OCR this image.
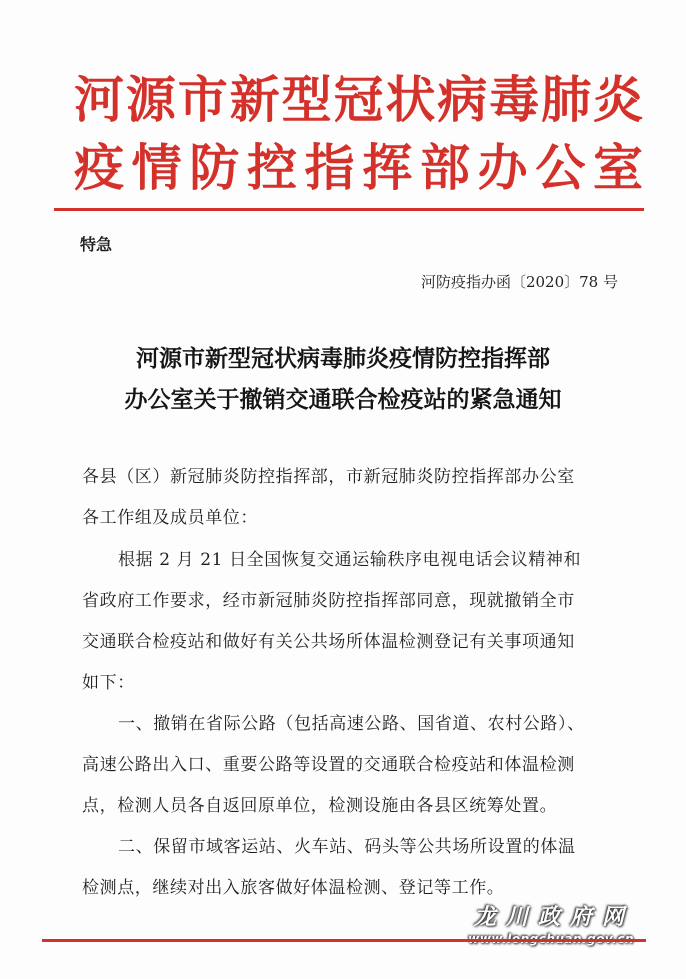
河源市新型冠状病毒肺炎
疫情防控指挥部办公室
特急
河防疫指办函〔2020〕78 号
河源市新型冠状病毒肺炎疫情防控指挥部
办公室关于撤销交通联合检疫站的紧急通知
各县（区）新冠肺炎防控指挥部，市新冠肺炎防控指挥部办公室
各工作组及成员单位：
根据 2 月 21 日全国恢复交通运输秩序电视电话会议精神和
省政府工作要求，经市新冠肺炎防控指挥部同意，现就撤销全市
交通联合检疫站和做好有关公共场所体温检测登记有关事项通知
如下：
一、撤销在省际公路（包括高速公路、国省道、农村公路）、
高速公路出入口、重要公路等设置的交通联合检疫站和体温检测
点，检测人员各自返回原单位，检测设施由各县区统筹处置。
二、保留市域客运站、火车站、码头等公共场所设置的体温
检测点，继续对出入旅客做好体温检测、登记等工作。
龙川政府网
